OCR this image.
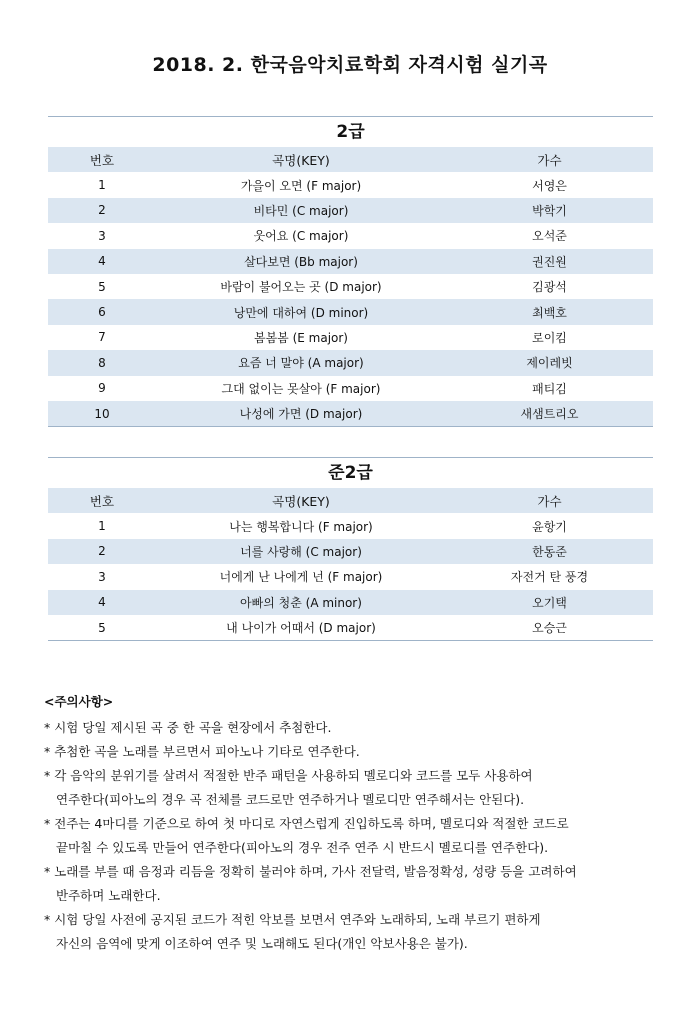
2018. 2. 한국음악치료학회 자격시험 실기곡
2급
번호	곡명(KEY)	가수
1	가을이 오면 (F major)	서영은
2	비타민 (C major)	박학기
3	웃어요 (C major)	오석준
4	살다보면 (Bb major)	권진원
5	바람이 불어오는 곳 (D major)	김광석
6	낭만에 대하여 (D minor)	최백호
7	봄봄봄 (E major)	로이킴
8	요즘 너 말야 (A major)	제이레빗
9	그대 없이는 못살아 (F major)	패티김
10	나성에 가면 (D major)	새샘트리오
준2급
번호	곡명(KEY)	가수
1	나는 행복합니다 (F major)	윤항기
2	너를 사랑해 (C major)	한동준
3	너에게 난 나에게 넌 (F major)	자전거 탄 풍경
4	아빠의 청춘 (A minor)	오기택
5	내 나이가 어때서 (D major)	오승근
<주의사항>

* 시험 당일 제시된 곡 중 한 곡을 현장에서 추첨한다.

* 추첨한 곡을 노래를 부르면서 피아노나 기타로 연주한다.

* 각 음악의 분위기를 살려서 적절한 반주 패턴을 사용하되 멜로디와 코드를 모두 사용하여

연주한다(피아노의 경우 곡 전체를 코드로만 연주하거나 멜로디만 연주해서는 안된다).

* 전주는 4마디를 기준으로 하여 첫 마디로 자연스럽게 진입하도록 하며, 멜로디와 적절한 코드로

끝마칠 수 있도록 만들어 연주한다(피아노의 경우 전주 연주 시 반드시 멜로디를 연주한다).

* 노래를 부를 때 음정과 리듬을 정확히 불러야 하며, 가사 전달력, 발음정확성, 성량 등을 고려하여

반주하며 노래한다.

* 시험 당일 사전에 공지된 코드가 적힌 악보를 보면서 연주와 노래하되, 노래 부르기 편하게

자신의 음역에 맞게 이조하여 연주 및 노래해도 된다(개인 악보사용은 불가).
